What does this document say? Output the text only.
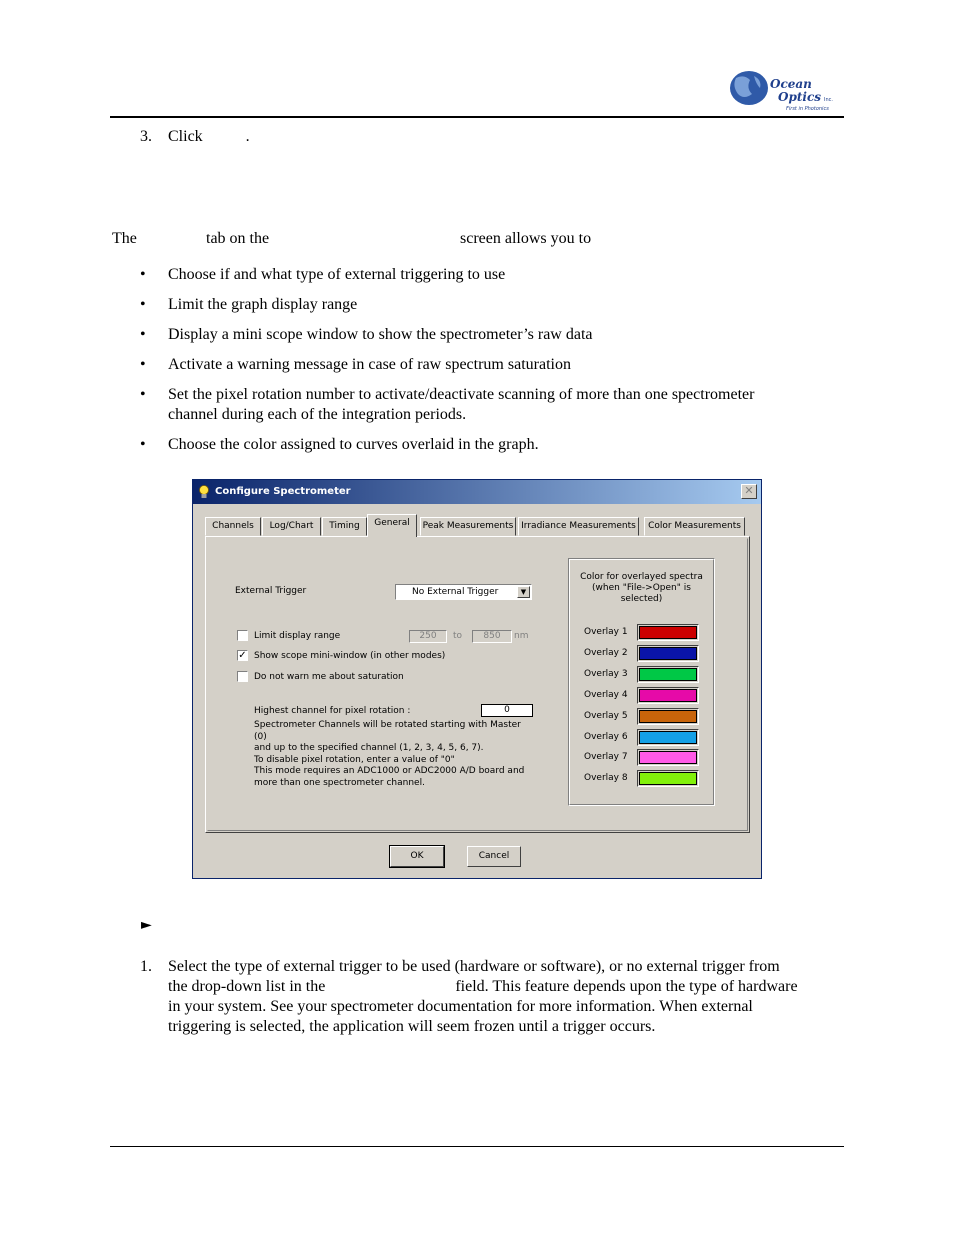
Ocean
Optics Inc.
First in Photonics
3. Click	.
The	tab on the	screen allows you to
• Choose if and what type of external triggering to use
• Limit the graph display range
• Display a mini scope window to show the spectrometer’s raw data
• Activate a warning message in case of raw spectrum saturation
• Set the pixel rotation number to activate/deactivate scanning of more than one spectrometer channel during each of the integration periods.
• Choose the color assigned to curves overlaid in the graph.
Configure Spectrometer	✕
Channels	Log/Chart	Timing	General	Peak Measurements Irradiance Measurements	Color Measurements
External Trigger	No External Trigger	▼
Limit display range	250	to	850	nm
✓ Show scope mini-window (in other modes)
Do not warn me about saturation
Highest channel for pixel rotation :	0
Spectrometer Channels will be rotated starting with Master (0)
and up to the specified channel (1, 2, 3, 4, 5, 6, 7).
To disable pixel rotation, enter a value of "0"
This mode requires an ADC1000 or ADC2000 A/D board and
more than one spectrometer channel.
Color for overlayed spectra
(when "File->Open" is selected)
Overlay 1
Overlay 2
Overlay 3
Overlay 4
Overlay 5
Overlay 6
Overlay 7
Overlay 8
OK	Cancel
►
1. Select the type of external trigger to be used (hardware or software), or no external trigger from
the drop-down list in the	field. This feature depends upon the type of hardware
in your system. See your spectrometer documentation for more information. When external
triggering is selected, the application will seem frozen until a trigger occurs.
